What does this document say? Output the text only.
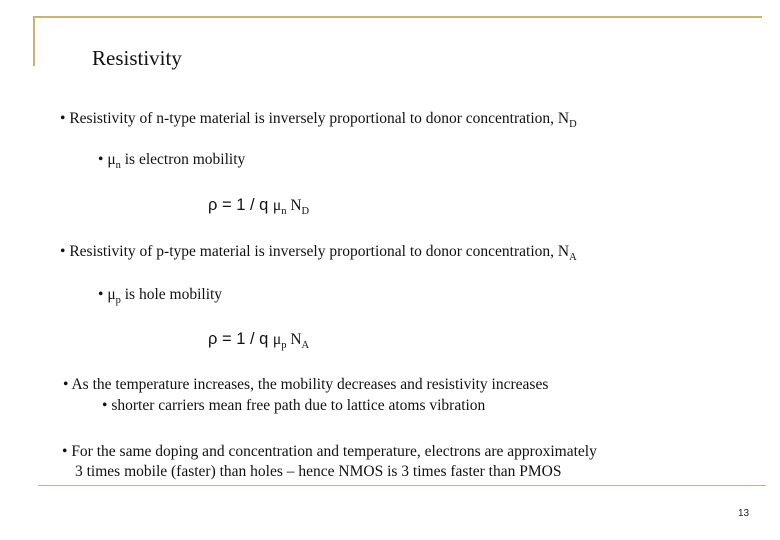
Resistivity
• Resistivity of n-type material is inversely proportional to donor concentration, $N_D$
• $\mu_n$ is electron mobility
ρ = 1 / q $\mu_n$ $N_D$
• Resistivity of p-type material is inversely proportional to donor concentration, $N_A$
• $\mu_p$ is hole mobility
ρ = 1 / q $\mu_p$ $N_A$
• As the temperature increases, the mobility decreases and resistivity increases
• shorter carriers mean free path due to lattice atoms vibration
• For the same doping and concentration and temperature, electrons are approximately
3 times mobile (faster) than holes – hence NMOS is 3 times faster than PMOS
13
